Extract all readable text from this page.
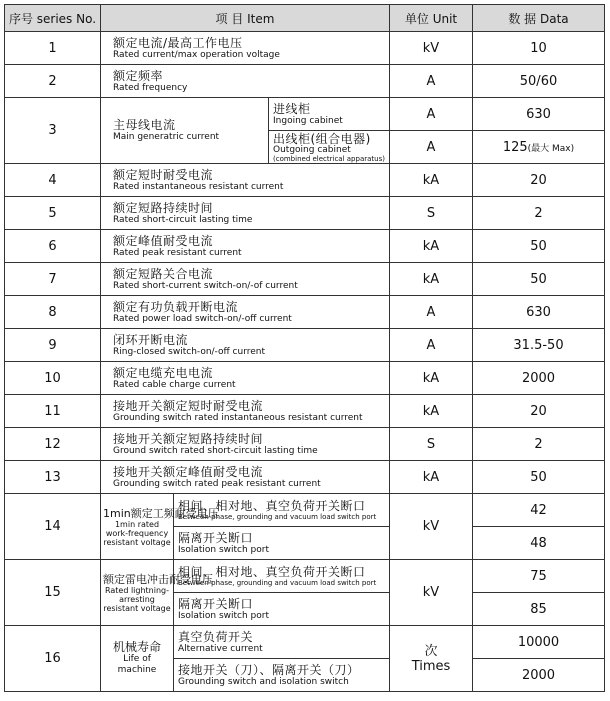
序号 series No.	项 目 Item			单位 Unit	数 据 Data
1	额定电流/最高工作电压
Rated current/max operation voltage			kV	10
2	额定频率
Rated frequency			A	50/60
3	主母线电流
Main generatric current		进线柜
Ingoing cabinet	A	630

			出线柜(组合电器)
Outgoing cabinet
(combined electrical apparatus)	A	125(最大 Max)
4	额定短时耐受电流
Rated instantaneous resistant current			kA	20
5	额定短路持续时间
Rated short-circuit lasting time			S	2
6	额定峰值耐受电流
Rated peak resistant current			kA	50
7	额定短路关合电流
Rated short-current switch-on/-of current			kA	50
8	额定有功负载开断电流
Rated power load switch-on/-off current			A	630
9	闭环开断电流
Ring-closed switch-on/-off current			A	31.5-50
10	额定电缆充电电流
Rated cable charge current			kA	2000
11	接地开关额定短时耐受电流
Grounding switch rated instantaneous resistant current			kA	20
12	接地开关额定短路持续时间
Ground switch rated short-circuit lasting time			S	2
13	接地开关额定峰值耐受电流
Grounding switch rated peak resistant current			kA	50
14	1min额定工频耐受电压
1min rated work-frequency resistant voltage	相间、相对地、真空负荷开关断口
Between-phase, grounding and vacuum load switch port		kV	42

		隔离开关断口
Isolation switch port			48
15	额定雷电冲击耐受电压
Rated lightning-arresting resistant voltage	相间、相对地、真空负荷开关断口
Between-phase, grounding and vacuum load switch port		kV	75

		隔离开关断口
Isolation switch port			85
16	机械寿命
Life of machine	真空负荷开关
Alternative current		次
Times	10000

		接地开关（刀）、隔离开关（刀）
Grounding switch and isolation switch			2000
